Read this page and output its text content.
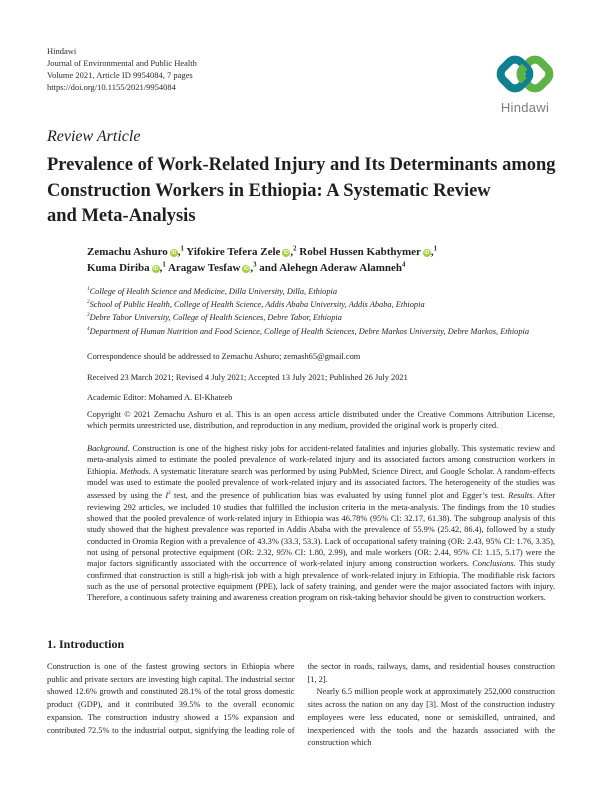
Hindawi
Journal of Environmental and Public Health
Volume 2021, Article ID 9954084, 7 pages
https://doi.org/10.1155/2021/9954084
Hindawi
Review Article
Prevalence of Work-Related Injury and Its Determinants among
Construction Workers in Ethiopia: A Systematic Review
and Meta-Analysis
Zemachu Ashuro iD ,$^1$ Yifokire Tefera Zele iD ,$^2$ Robel Hussen Kabthymer iD ,$^1$
Kuma Diriba iD ,$^1$ Aragaw Tesfaw iD ,$^3$ and Alehegn Aderaw Alamneh$^4$
$^1$College of Health Science and Medicine, Dilla University, Dilla, Ethiopia
$^2$School of Public Health, College of Health Science, Addis Ababa University, Addis Ababa, Ethiopia
$^3$Debre Tabor University, College of Health Sciences, Debre Tabor, Ethiopia
$^4$Department of Human Nutrition and Food Science, College of Health Sciences, Debre Markos University, Debre Markos, Ethiopia
Correspondence should be addressed to Zemachu Ashuro; zemash65@gmail.com
Received 23 March 2021; Revised 4 July 2021; Accepted 13 July 2021; Published 26 July 2021
Academic Editor: Mohamed A. El-Khateeb
Copyright © 2021 Zemachu Ashuro et al. This is an open access article distributed under the Creative Commons Attribution License, which permits unrestricted use, distribution, and reproduction in any medium, provided the original work is properly cited.
Background. Construction is one of the highest risky jobs for accident-related fatalities and injuries globally. This systematic review and meta-analysis aimed to estimate the pooled prevalence of work-related injury and its associated factors among construction workers in Ethiopia. Methods. A systematic literature search was performed by using PubMed, Science Direct, and Google Scholar. A random-effects model was used to estimate the pooled prevalence of work-related injury and its associated factors. The heterogeneity of the studies was assessed by using the $I^2$ test, and the presence of publication bias was evaluated by using funnel plot and Egger’s test. Results. After reviewing 292 articles, we included 10 studies that fulfilled the inclusion criteria in the meta-analysis. The findings from the 10 studies showed that the pooled prevalence of work-related injury in Ethiopia was 46.78% (95% CI: 32.17, 61.38). The subgroup analysis of this study showed that the highest prevalence was reported in Addis Ababa with the prevalence of 55.9% (25.42, 86.4), followed by a study conducted in Oromia Region with a prevalence of 43.3% (33.3, 53.3). Lack of occupational safety training (OR: 2.43, 95% CI: 1.76, 3.35), not using of personal protective equipment (OR: 2.32, 95% CI: 1.80, 2.99), and male workers (OR: 2.44, 95% CI: 1.15, 5.17) were the major factors significantly associated with the occurrence of work-related injury among construction workers. Conclusions. This study confirmed that construction is still a high-risk job with a high prevalence of work-related injury in Ethiopia. The modifiable risk factors such as the use of personal protective equipment (PPE), lack of safety training, and gender were the major associated factors with injury. Therefore, a continuous safety training and awareness creation program on risk-taking behavior should be given to construction workers.
1. Introduction

Construction is one of the fastest growing sectors in Ethiopia where public and private sectors are investing high capital. The industrial sector showed 12.6% growth and constituted 28.1% of the total gross domestic product (GDP), and it contributed 39.5% to the overall economic expansion. The construction industry showed a 15% expansion and contributed 72.5% to the industrial output, signifying the leading role of the sector in roads, railways, dams, and residential houses construction [1, 2].

Nearly 6.5 million people work at approximately 252,000 construction sites across the nation on any day [3]. Most of the construction industry employees were less educated, none or semiskilled, untrained, and inexperienced with the tools and the hazards associated with the construction which
